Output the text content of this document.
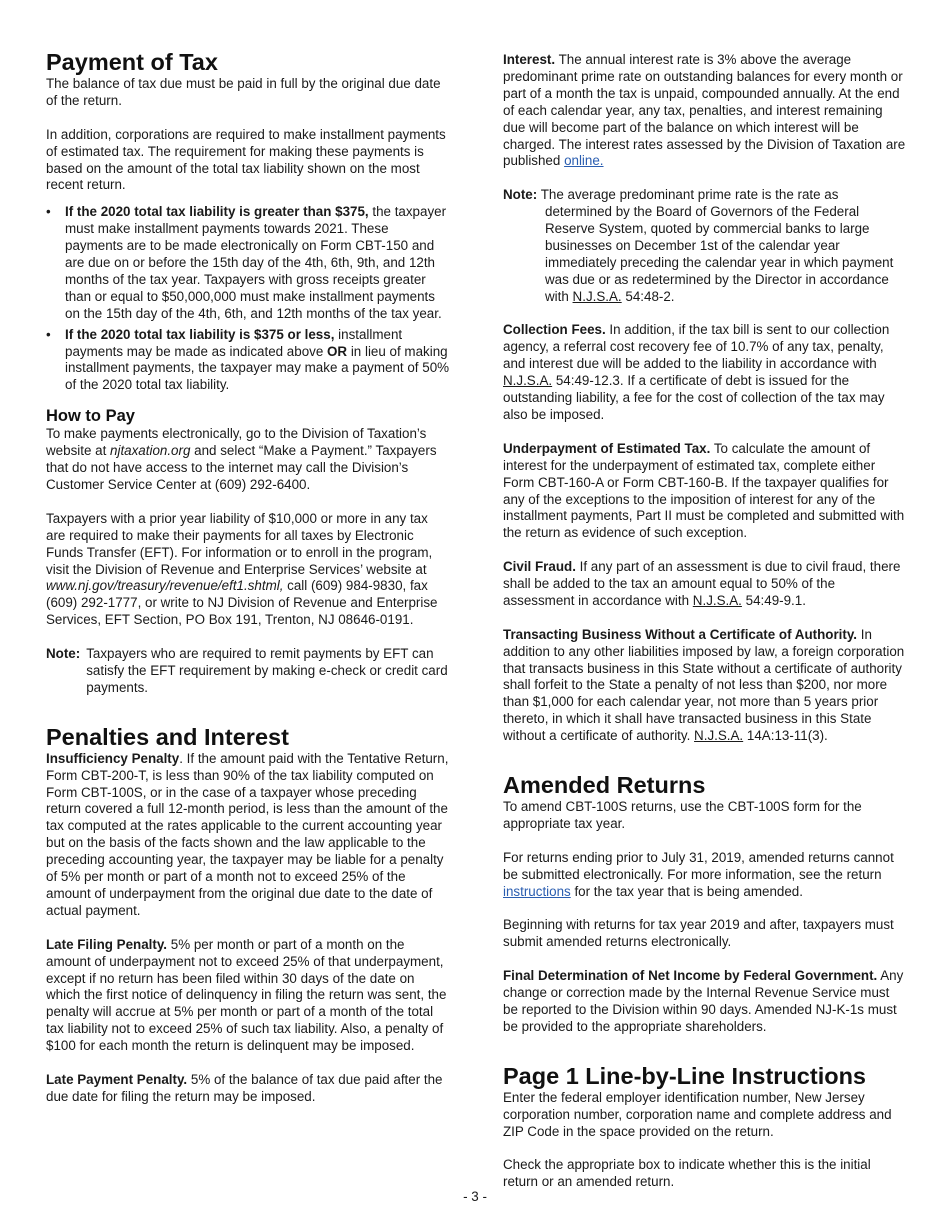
Payment of Tax

The balance of tax due must be paid in full by the original due date of the return.

In addition, corporations are required to make installment payments of estimated tax. The requirement for making these payments is based on the amount of the total tax liability shown on the most recent return.

• If the 2020 total tax liability is greater than $375, the taxpayer must make installment payments towards 2021. These payments are to be made electronically on Form CBT-150 and are due on or before the 15th day of the 4th, 6th, 9th, and 12th months of the tax year. Taxpayers with gross receipts greater than or equal to $50,000,000 must make installment payments on the 15th day of the 4th, 6th, and 12th months of the tax year.
• If the 2020 total tax liability is $375 or less, installment payments may be made as indicated above OR in lieu of making installment payments, the taxpayer may make a payment of 50% of the 2020 total tax liability.
How to Pay

To make payments electronically, go to the Division of Taxation’s website at njtaxation.org and select “Make a Payment.” Taxpayers that do not have access to the internet may call the Division’s Customer Service Center at (609) 292-6400.

Taxpayers with a prior year liability of $10,000 or more in any tax are required to make their payments for all taxes by Electronic Funds Transfer (EFT). For information or to enroll in the program, visit the Division of Revenue and Enterprise Services’ website at www.nj.gov/treasury/revenue/eft1.shtml, call (609) 984-9830, fax (609) 292-1777, or write to NJ Division of Revenue and Enterprise Services, EFT Section, PO Box 191, Trenton, NJ 08646-0191.

Note: Taxpayers who are required to remit payments by EFT can satisfy the EFT requirement by making e-check or credit card payments.
Penalties and Interest

Insufficiency Penalty. If the amount paid with the Tentative Return, Form CBT-200-T, is less than 90% of the tax liability computed on Form CBT-100S, or in the case of a taxpayer whose preceding return covered a full 12-month period, is less than the amount of the tax computed at the rates applicable to the current accounting year but on the basis of the facts shown and the law applicable to the preceding accounting year, the taxpayer may be liable for a penalty of 5% per month or part of a month not to exceed 25% of the amount of underpayment from the original due date to the date of actual payment.

Late Filing Penalty. 5% per month or part of a month on the amount of underpayment not to exceed 25% of that underpayment, except if no return has been filed within 30 days of the date on which the first notice of delinquency in filing the return was sent, the penalty will accrue at 5% per month or part of a month of the total tax liability not to exceed 25% of such tax liability. Also, a penalty of $100 for each month the return is delinquent may be imposed.

Late Payment Penalty. 5% of the balance of tax due paid after the due date for filing the return may be imposed.

Interest. The annual interest rate is 3% above the average predominant prime rate on outstanding balances for every month or part of a month the tax is unpaid, compounded annually. At the end of each calendar year, any tax, penalties, and interest remaining due will become part of the balance on which interest will be charged. The interest rates assessed by the Division of Taxation are published online.

Note: The average predominant prime rate is the rate as determined by the Board of Governors of the Federal Reserve System, quoted by commercial banks to large businesses on December 1st of the calendar year immediately preceding the calendar year in which payment was due or as redetermined by the Director in accordance with N.J.S.A. 54:48-2.

Collection Fees. In addition, if the tax bill is sent to our collection agency, a referral cost recovery fee of 10.7% of any tax, penalty, and interest due will be added to the liability in accordance with N.J.S.A. 54:49-12.3. If a certificate of debt is issued for the outstanding liability, a fee for the cost of collection of the tax may also be imposed.

Underpayment of Estimated Tax. To calculate the amount of interest for the underpayment of estimated tax, complete either Form CBT-160-A or Form CBT-160-B. If the taxpayer qualifies for any of the exceptions to the imposition of interest for any of the installment payments, Part II must be completed and submitted with the return as evidence of such exception.

Civil Fraud. If any part of an assessment is due to civil fraud, there shall be added to the tax an amount equal to 50% of the assessment in accordance with N.J.S.A. 54:49-9.1.

Transacting Business Without a Certificate of Authority. In addition to any other liabilities imposed by law, a foreign corporation that transacts business in this State without a certificate of authority shall forfeit to the State a penalty of not less than $200, nor more than $1,000 for each calendar year, not more than 5 years prior thereto, in which it shall have transacted business in this State without a certificate of authority. N.J.S.A. 14A:13-11(3).

Amended Returns

To amend CBT-100S returns, use the CBT-100S form for the appropriate tax year.

For returns ending prior to July 31, 2019, amended returns cannot be submitted electronically. For more information, see the return instructions for the tax year that is being amended.

Beginning with returns for tax year 2019 and after, taxpayers must submit amended returns electronically.

Final Determination of Net Income by Federal Government. Any change or correction made by the Internal Revenue Service must be reported to the Division within 90 days. Amended NJ-K-1s must be provided to the appropriate shareholders.

Page 1 Line-by-Line Instructions

Enter the federal employer identification number, New Jersey corporation number, corporation name and complete address and ZIP Code in the space provided on the return.

Check the appropriate box to indicate whether this is the initial return or an amended return.

- 3 -
